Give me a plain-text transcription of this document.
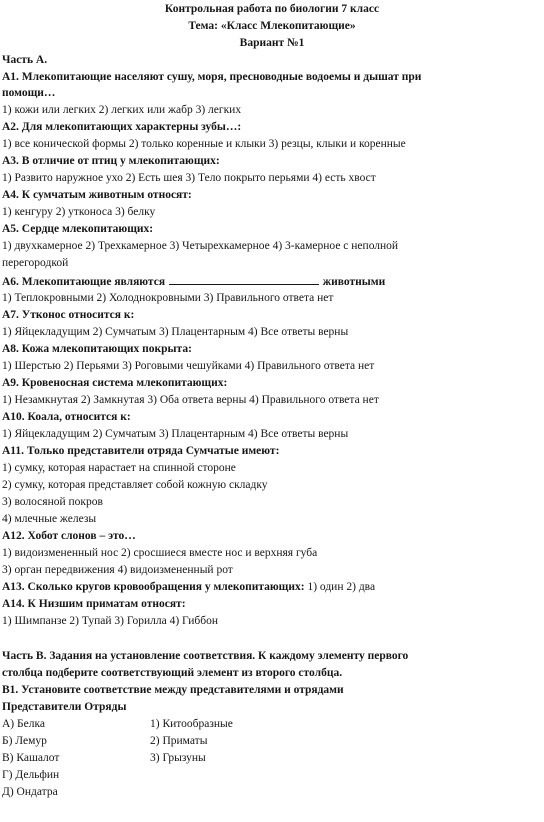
Контрольная работа по биологии 7 класс
Тема: «Класс Млекопитающие»
Вариант №1
Часть А.
А1. Млекопитающие населяют сушу, моря, пресноводные водоемы и дышат при
помощи…
1) кожи или легких 2) легких или жабр 3) легких
А2. Для млекопитающих характерны зубы…:
1) все конической формы 2) только коренные и клыки 3) резцы, клыки и коренные
А3. В отличие от птиц у млекопитающих:
1) Развито наружное ухо 2) Есть шея 3) Тело покрыто перьями 4) есть хвост
А4. К сумчатым животным относят:
1) кенгуру 2) утконоса 3) белку
А5. Сердце млекопитающих:
1) двухкамерное 2) Трехкамерное 3) Четырехкамерное 4) 3-камерное с неполной
перегородкой
А6. Млекопитающие являются	животными
1) Теплокровными 2) Холоднокровными 3) Правильного ответа нет
А7. Утконос относится к:
1) Яйцекладущим 2) Сумчатым 3) Плацентарным 4) Все ответы верны
А8. Кожа млекопитающих покрыта:
1) Шерстью 2) Перьями 3) Роговыми чешуйками 4) Правильного ответа нет
А9. Кровеносная система млекопитающих:
1) Незамкнутая 2) Замкнутая 3) Оба ответа верны 4) Правильного ответа нет
А10. Коала, относится к:
1) Яйцекладущим 2) Сумчатым 3) Плацентарным 4) Все ответы верны
А11. Только представители отряда Сумчатые имеют:
1) сумку, которая нарастает на спинной стороне
2) сумку, которая представляет собой кожную складку
3) волосяной покров
4) млечные железы
А12. Хобот слонов – это…
1) видоизмененный нос 2) сросшиеся вместе нос и верхняя губа
3) орган передвижения 4) видоизмененный рот
А13. Сколько кругов кровообращения у млекопитающих: 1) один 2) два
А14. К Низшим приматам относят:
1) Шимпанзе 2) Тупай 3) Горилла 4) Гиббон
Часть В. Задания на установление соответствия. К каждому элементу первого
столбца подберите соответствующий элемент из второго столбца.
В1. Установите соответствие между представителями и отрядами
Представители Отряды
А) Белка	1) Китообразные
Б) Лемур	2) Приматы
В) Кашалот	3) Грызуны
Г) Дельфин
Д) Ондатра
